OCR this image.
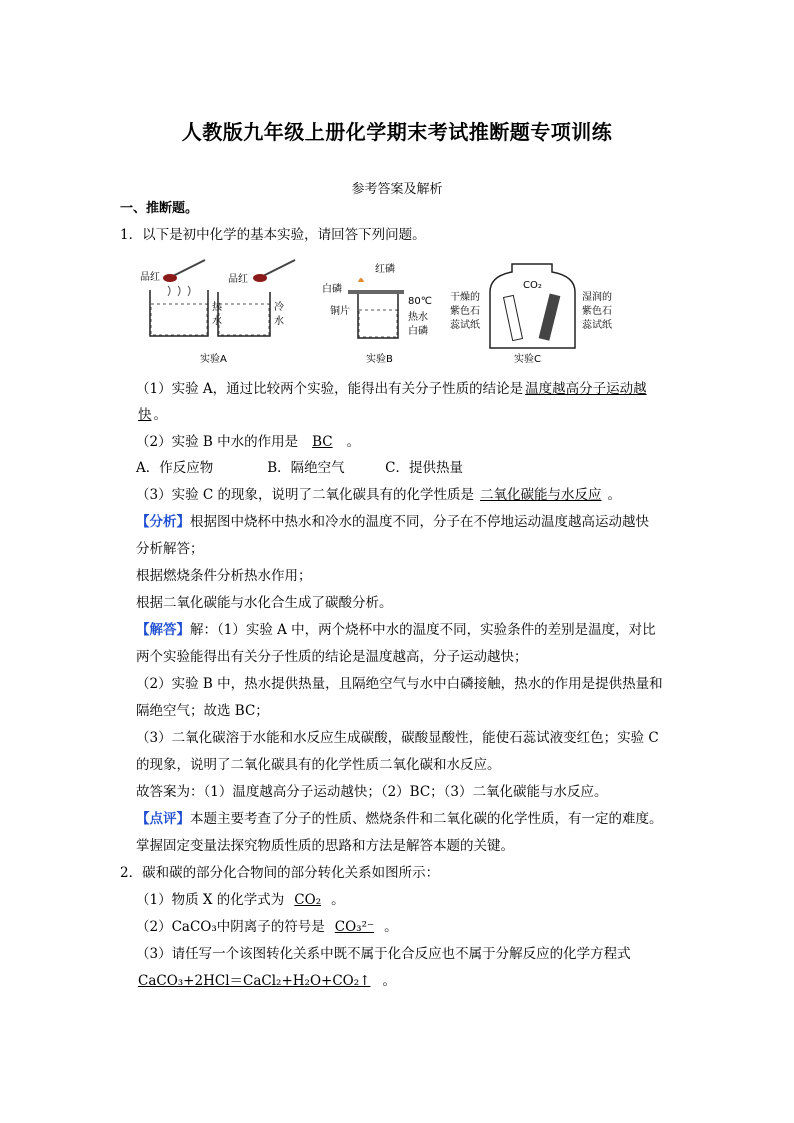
人教版九年级上册化学期末考试推断题专项训练
参考答案及解析
一、推断题。
1．以下是初中化学的基本实验，请回答下列问题。
品红
热
水
品红
冷
水
实验A
红磷
白磷
铜片
80℃
热水
白磷
实验B
CO₂
干燥的
紫色石
蕊试纸
湿润的
紫色石
蕊试纸
实验C
（1）实验 A，通过比较两个实验，能得出有关分子性质的结论是 温度越高分子运动越
快 。
（2）实验 B 中水的作用是 BC 。
A．作反应物　　　　B．隔绝空气　　　C．提供热量
（3）实验 C 的现象，说明了二氧化碳具有的化学性质是 二氧化碳能与水反应 。
【分析】根据图中烧杯中热水和冷水的温度不同，分子在不停地运动温度越高运动越快
分析解答；
根据燃烧条件分析热水作用；
根据二氧化碳能与水化合生成了碳酸分析。
【解答】解：（1）实验 A 中，两个烧杯中水的温度不同，实验条件的差别是温度，对比
两个实验能得出有关分子性质的结论是温度越高，分子运动越快；
（2）实验 B 中，热水提供热量，且隔绝空气与水中白磷接触，热水的作用是提供热量和
隔绝空气；故选 BC；
（3）二氧化碳溶于水能和水反应生成碳酸，碳酸显酸性，能使石蕊试液变红色；实验 C
的现象，说明了二氧化碳具有的化学性质二氧化碳和水反应。
故答案为：（1）温度越高分子运动越快；（2）BC；（3）二氧化碳能与水反应。
【点评】本题主要考查了分子的性质、燃烧条件和二氧化碳的化学性质，有一定的难度。
掌握固定变量法探究物质性质的思路和方法是解答本题的关键。
2．碳和碳的部分化合物间的部分转化关系如图所示：
（1）物质 X 的化学式为 CO₂ 。
（2）CaCO₃中阴离子的符号是 CO₃²⁻ 。
（3）请任写一个该图转化关系中既不属于化合反应也不属于分解反应的化学方程式
CaCO₃+2HCl＝CaCl₂+H₂O+CO₂↑ 。
